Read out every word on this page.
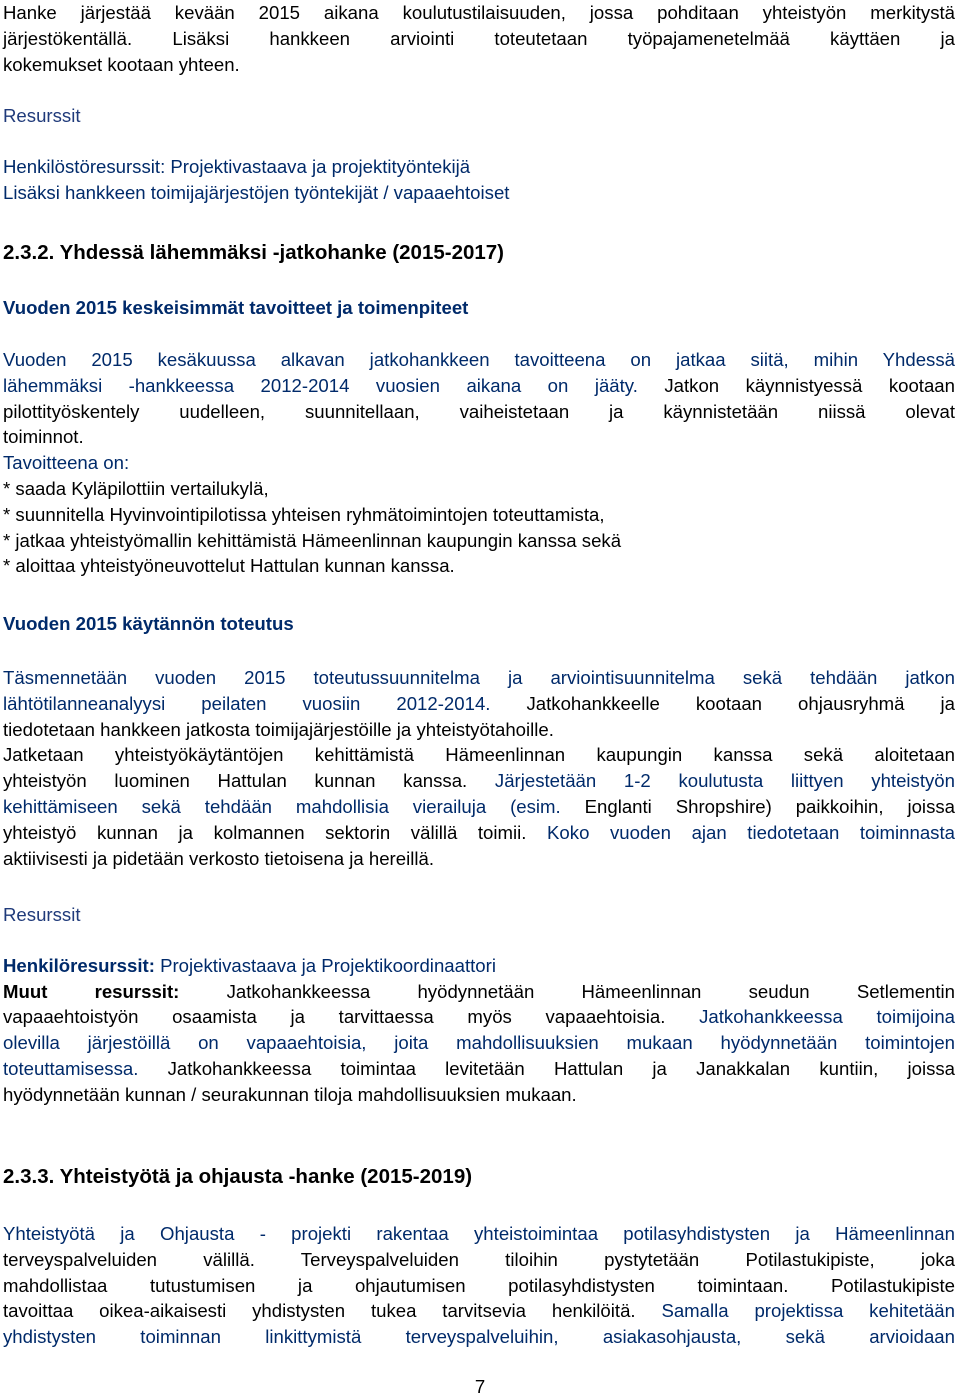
Hanke järjestää kevään 2015 aikana koulutustilaisuuden, jossa pohditaan yhteistyön merkitystä

järjestökentällä. Lisäksi hankkeen arviointi toteutetaan työpajamenetelmää käyttäen ja

kokemukset kootaan yhteen.

Resurssit

Henkilöstöresurssit: Projektivastaava ja projektityöntekijä

Lisäksi hankkeen toimijajärjestöjen työntekijät / vapaaehtoiset

2.3.2. Yhdessä lähemmäksi -jatkohanke (2015-2017)

Vuoden 2015 keskeisimmät tavoitteet ja toimenpiteet

Vuoden 2015 kesäkuussa alkavan jatkohankkeen tavoitteena on jatkaa siitä, mihin Yhdessä

lähemmäksi -hankkeessa 2012-2014 vuosien aikana on jääty. Jatkon käynnistyessä kootaan

pilottityöskentely uudelleen, suunnitellaan, vaiheistetaan ja käynnistetään niissä olevat

toiminnot.

Tavoitteena on:

* saada Kyläpilottiin vertailukylä,

* suunnitella Hyvinvointipilotissa yhteisen ryhmätoimintojen toteuttamista,

* jatkaa yhteistyömallin kehittämistä Hämeenlinnan kaupungin kanssa sekä

* aloittaa yhteistyöneuvottelut Hattulan kunnan kanssa.

Vuoden 2015 käytännön toteutus

Täsmennetään vuoden 2015 toteutussuunnitelma ja arviointisuunnitelma sekä tehdään jatkon

lähtötilanneanalyysi peilaten vuosiin 2012-2014. Jatkohankkeelle kootaan ohjausryhmä ja

tiedotetaan hankkeen jatkosta toimijajärjestöille ja yhteistyötahoille.

Jatketaan yhteistyökäytäntöjen kehittämistä Hämeenlinnan kaupungin kanssa sekä aloitetaan

yhteistyön luominen Hattulan kunnan kanssa. Järjestetään 1-2 koulutusta liittyen yhteistyön

kehittämiseen sekä tehdään mahdollisia vierailuja (esim. Englanti Shropshire) paikkoihin, joissa

yhteistyö kunnan ja kolmannen sektorin välillä toimii. Koko vuoden ajan tiedotetaan toiminnasta

aktiivisesti ja pidetään verkosto tietoisena ja hereillä.

Resurssit

Henkilöresurssit: Projektivastaava ja Projektikoordinaattori

Muut resurssit:	Jatkohankkeessa hyödynnetään Hämeenlinnan seudun Setlementin

vapaaehtoistyön osaamista ja tarvittaessa myös vapaaehtoisia. Jatkohankkeessa toimijoina

olevilla järjestöillä on vapaaehtoisia, joita mahdollisuuksien mukaan hyödynnetään toimintojen

toteuttamisessa. Jatkohankkeessa toimintaa levitetään Hattulan ja Janakkalan kuntiin, joissa

hyödynnetään kunnan / seurakunnan tiloja mahdollisuuksien mukaan.

2.3.3. Yhteistyötä ja ohjausta -hanke (2015-2019)

Yhteistyötä ja Ohjausta - projekti rakentaa yhteistoimintaa potilasyhdistysten ja Hämeenlinnan

terveyspalveluiden välillä. Terveyspalveluiden tiloihin pystytetään Potilastukipiste, joka

mahdollistaa tutustumisen ja ohjautumisen potilasyhdistysten toimintaan. Potilastukipiste

tavoittaa oikea-aikaisesti yhdistysten tukea tarvitsevia henkilöitä. Samalla projektissa kehitetään

yhdistysten toiminnan linkittymistä terveyspalveluihin, asiakasohjausta, sekä arvioidaan

7
